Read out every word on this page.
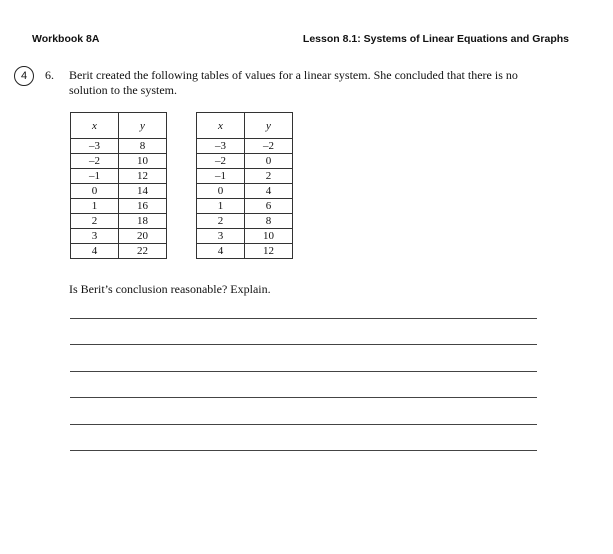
Workbook 8A	Lesson 8.1: Systems of Linear Equations and Graphs
4	6. Berit created the following tables of values for a linear system. She concluded that there is no solution to the system.
x	y
–3	8
–2	10
–1	12
0	14
1	16
2	18
3	20
4	22
x	y
–3	–2
–2	0
–1	2
0	4
1	6
2	8
3	10
4	12
Is Berit’s conclusion reasonable? Explain.
